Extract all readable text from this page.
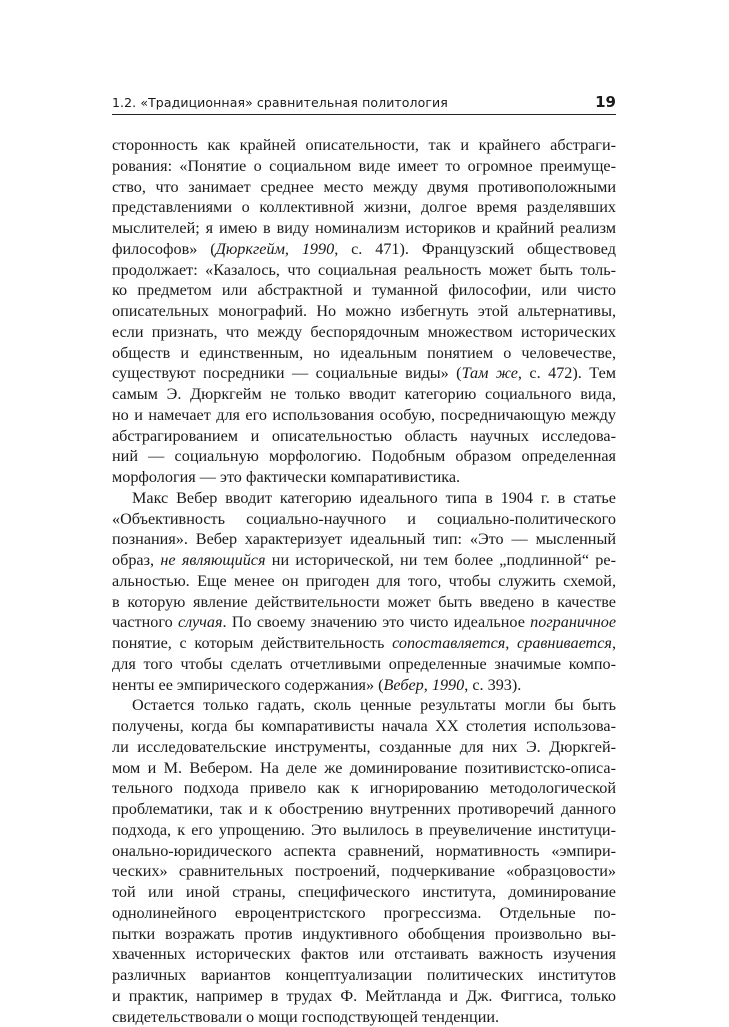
1.2. «Традиционная» сравнительная политология	19
сторонность как крайней описательности, так и крайнего абстраги-
рования: «Понятие о социальном виде имеет то огромное преимуще-
ство, что занимает среднее место между двумя противоположными
представлениями о коллективной жизни, долгое время разделявших
мыслителей; я имею в виду номинализм историков и крайний реализм
философов» (Дюркгейм, 1990, с. 471). Французский обществовед
продолжает: «Казалось, что социальная реальность может быть толь-
ко предметом или абстрактной и туманной философии, или чисто
описательных монографий. Но можно избегнуть этой альтернативы,
если признать, что между беспорядочным множеством исторических
обществ и единственным, но идеальным понятием о человечестве,
существуют посредники — социальные виды» (Там же, с. 472). Тем
самым Э. Дюркгейм не только вводит категорию социального вида,
но и намечает для его использования особую, посредничающую между
абстрагированием и описательностью область научных исследова-
ний — социальную морфологию. Подобным образом определенная
морфология — это фактически компаративистика.
Макс Вебер вводит категорию идеального типа в 1904 г. в статье
«Объективность социально-научного и социально-политического
познания». Вебер характеризует идеальный тип: «Это — мысленный
образ, не являющийся ни исторической, ни тем более „подлинной“ ре-
альностью. Еще менее он пригоден для того, чтобы служить схемой,
в которую явление действительности может быть введено в качестве
частного случая. По своему значению это чисто идеальное пограничное
понятие, с которым действительность сопоставляется, сравнивается,
для того чтобы сделать отчетливыми определенные значимые компо-
ненты ее эмпирического содержания» (Вебер, 1990, с. 393).
Остается только гадать, сколь ценные результаты могли бы быть
получены, когда бы компаративисты начала XX столетия использова-
ли исследовательские инструменты, созданные для них Э. Дюркгей-
мом и М. Вебером. На деле же доминирование позитивистско-описа-
тельного подхода привело как к игнорированию методологической
проблематики, так и к обострению внутренних противоречий данного
подхода, к его упрощению. Это вылилось в преувеличение институци-
онально-юридического аспекта сравнений, нормативность «эмпири-
ческих» сравнительных построений, подчеркивание «образцовости»
той или иной страны, специфического института, доминирование
однолинейного евроцентристского прогрессизма. Отдельные по-
пытки возражать против индуктивного обобщения произвольно вы-
хваченных исторических фактов или отстаивать важность изучения
различных вариантов концептуализации политических институтов
и практик, например в трудах Ф. Мейтланда и Дж. Фиггиса, только
свидетельствовали о мощи господствующей тенденции.
